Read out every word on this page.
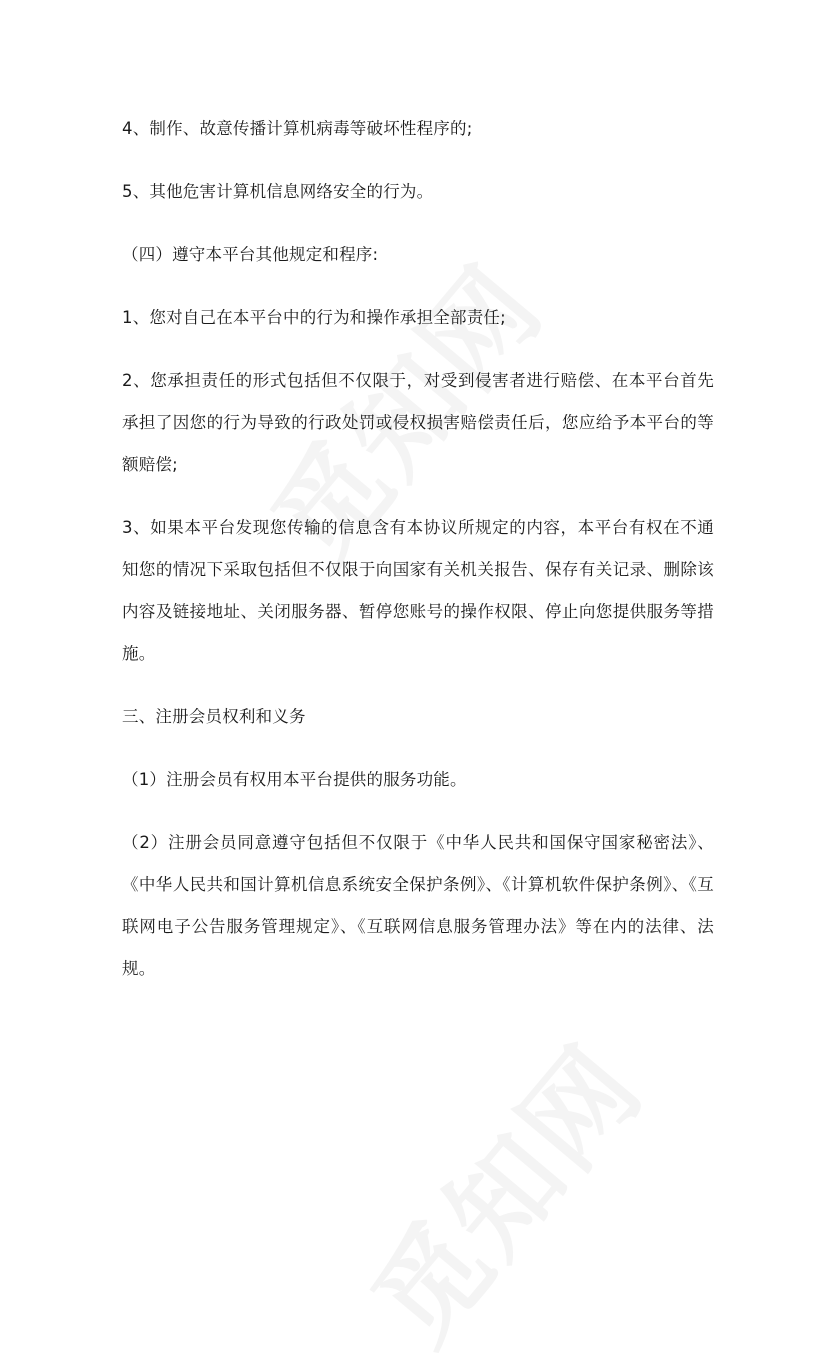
4、制作、故意传播计算机病毒等破坏性程序的;

5、其他危害计算机信息网络安全的行为。

（四）遵守本平台其他规定和程序:

1、您对自己在本平台中的行为和操作承担全部责任;

2、您承担责任的形式包括但不仅限于，对受到侵害者进行赔偿、在本平台首先承担了因您的行为导致的行政处罚或侵权损害赔偿责任后，您应给予本平台的等额赔偿;

3、如果本平台发现您传输的信息含有本协议所规定的内容，本平台有权在不通知您的情况下采取包括但不仅限于向国家有关机关报告、保存有关记录、删除该内容及链接地址、关闭服务器、暂停您账号的操作权限、停止向您提供服务等措施。

三、注册会员权利和义务

（1）注册会员有权用本平台提供的服务功能。

（2）注册会员同意遵守包括但不仅限于《中华人民共和国保守国家秘密法》、《中华人民共和国计算机信息系统安全保护条例》、《计算机软件保护条例》、《互联网电子公告服务管理规定》、《互联网信息服务管理办法》等在内的法律、法规。
